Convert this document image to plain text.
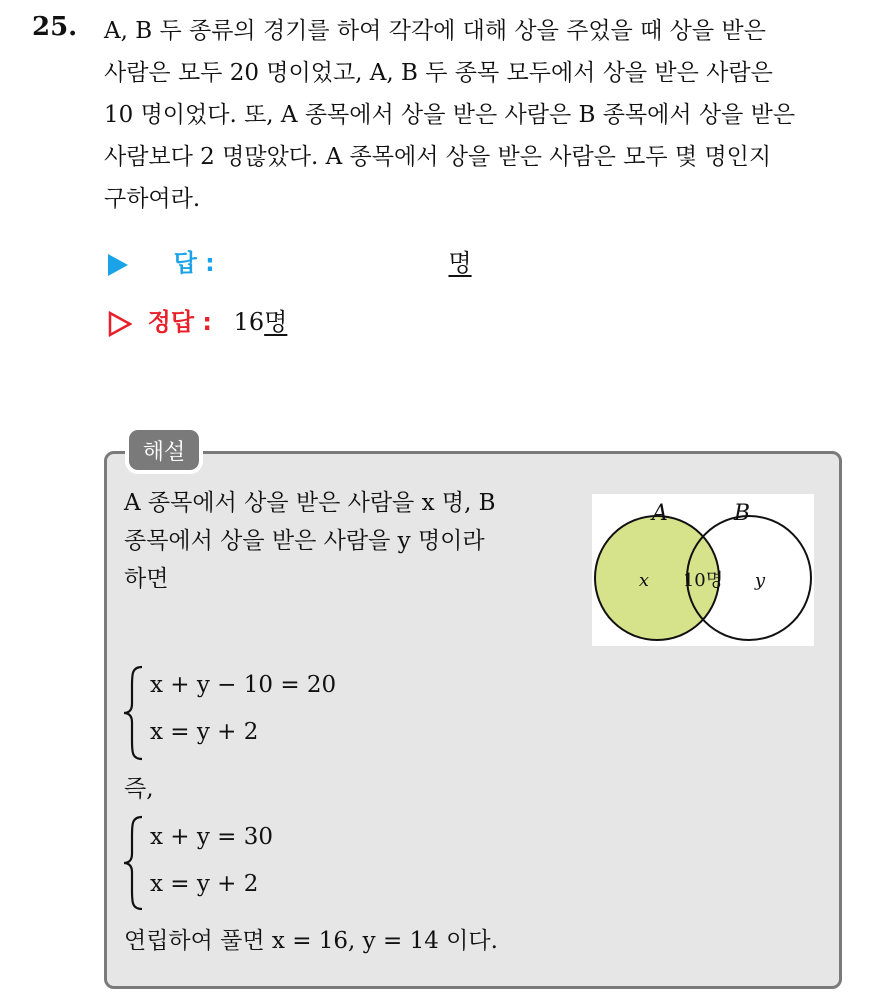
25. A, B 두 종류의 경기를 하여 각각에 대해 상을 주었을 때 상을 받은
사람은 모두 20 명이었고, A, B 두 종목 모두에서 상을 받은 사람은
10 명이었다. 또, A 종목에서 상을 받은 사람은 B 종목에서 상을 받은
사람보다 2 명많았다. A 종목에서 상을 받은 사람은 모두 몇 명인지
구하여라.
답 :	명
정답 : 16명
해설
A 종목에서 상을 받은 사람을 x 명, B
종목에서 상을 받은 사람을 y 명이라
하면
A	B
x 10명 y
x + y − 10 = 20
x = y + 2
즉,
x + y = 30
x = y + 2
연립하여 풀면 x = 16, y = 14 이다.
